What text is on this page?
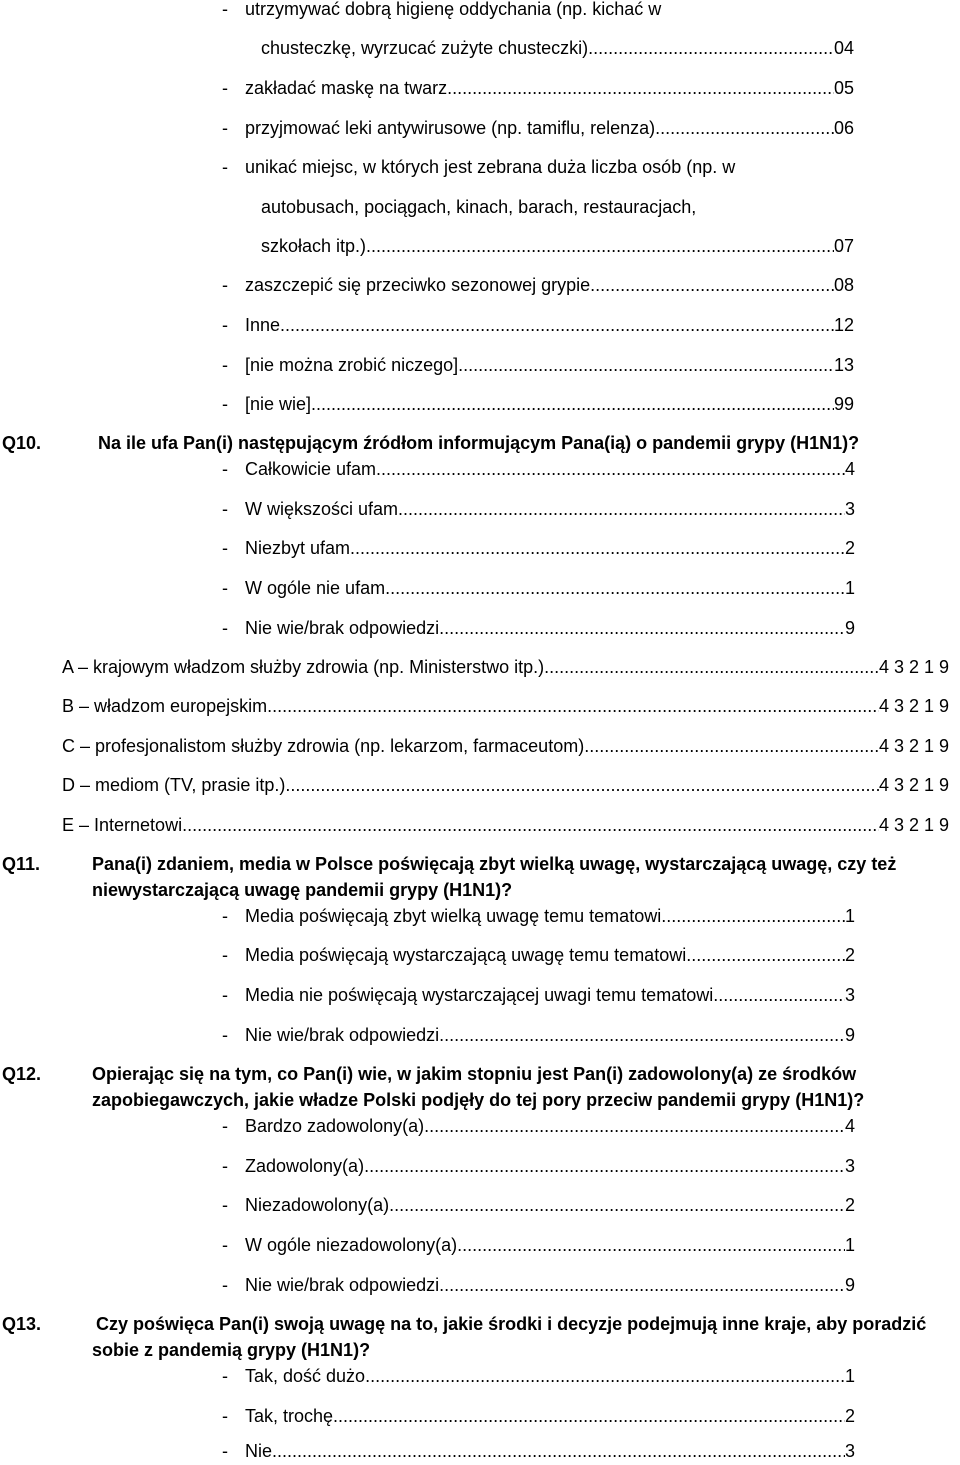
- utrzymywać dobrą higienę oddychania (np. kichać w
chusteczkę, wyrzucać zużyte chusteczki) .....	04
- zakładać maskę na twarz .....	05
- przyjmować leki antywirusowe (np. tamiflu, relenza) .....	06
- unikać miejsc, w których jest zebrana duża liczba osób (np. w
autobusach, pociągach, kinach, barach, restauracjach,
szkołach itp.) .....	07
- zaszczepić się przeciwko sezonowej grypie .....	08
- Inne .....	12
- [nie można zrobić niczego] .....	13
- [nie wie] .....	99
Q10.	Na ile ufa Pan(i) następującym źródłom informującym Pana(ią) o pandemii grypy (H1N1)?
- Całkowicie ufam .....	4
- W większości ufam .....	3
- Niezbyt ufam .....	2
- W ogóle nie ufam .....	1
- Nie wie/brak odpowiedzi .....	9
A – krajowym władzom służby zdrowia (np. Ministerstwo itp.) .....	4 3 2 1 9
B – władzom europejskim .....	4 3 2 1 9
C – profesjonalistom służby zdrowia (np. lekarzom, farmaceutom) .....	4 3 2 1 9
D – mediom (TV, prasie itp.) .....	4 3 2 1 9
E – Internetowi .....	4 3 2 1 9
Q11.	Pana(i) zdaniem, media w Polsce poświęcają zbyt wielką uwagę, wystarczającą uwagę, czy też
niewystarczającą uwagę pandemii grypy (H1N1)?
- Media poświęcają zbyt wielką uwagę temu tematowi .....	1
- Media poświęcają wystarczającą uwagę temu tematowi. .....	2
- Media nie poświęcają wystarczającej uwagi temu tematowi .....	3
- Nie wie/brak odpowiedzi .....	9
Q12.	Opierając się na tym, co Pan(i) wie, w jakim stopniu jest Pan(i) zadowolony(a) ze środków
zapobiegawczych, jakie władze Polski podjęły do tej pory przeciw pandemii grypy (H1N1)?
- Bardzo zadowolony(a). .....	4
- Zadowolony(a) .....	3
- Niezadowolony(a) .....	2
- W ogóle niezadowolony(a) .....	1
- Nie wie/brak odpowiedzi .....	9
Q13.	Czy poświęca Pan(i) swoją uwagę na to, jakie środki i decyzje podejmują inne kraje, aby poradzić
sobie z pandemią grypy (H1N1)?
- Tak, dość dużo. .....	1
- Tak, trochę .....	2
- Nie .....	3
